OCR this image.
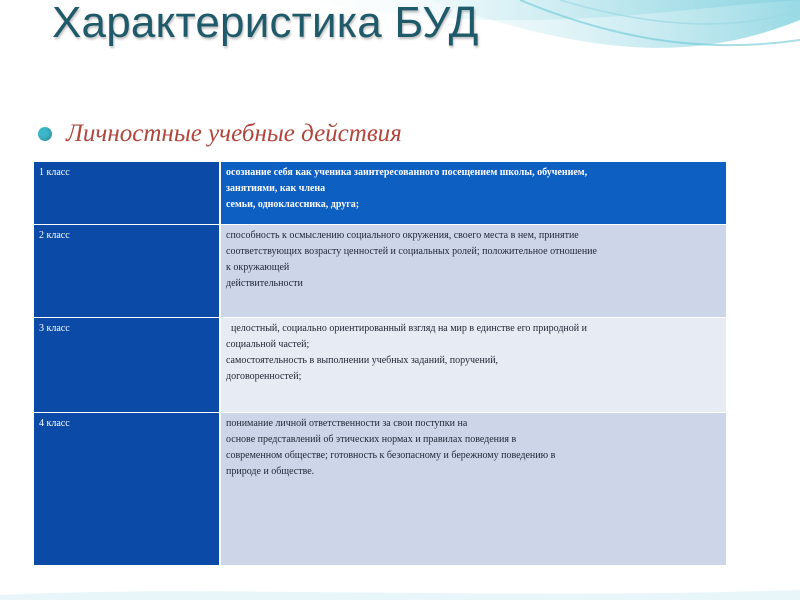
Характеристика БУД
Личностные учебные действия
1 класс	осознание себя как ученика заинтересованного посещением школы, обучением,
занятиями, как члена
семьи, одноклассника, друга;
2 класс	способность к осмыслению социального окружения, своего места в нем, принятие
соответствующих возрасту ценностей и социальных ролей; положительное отношение
к окружающей
действительности
3 класс	целостный, социально ориентированный взгляд на мир в единстве его природной и
социальной частей;
самостоятельность в выполнении учебных заданий, поручений,
договоренностей;
4 класс	понимание личной ответственности за свои поступки на
основе представлений об этических нормах и правилах поведения в
современном обществе; готовность к безопасному и бережному поведению в
природе и обществе.
